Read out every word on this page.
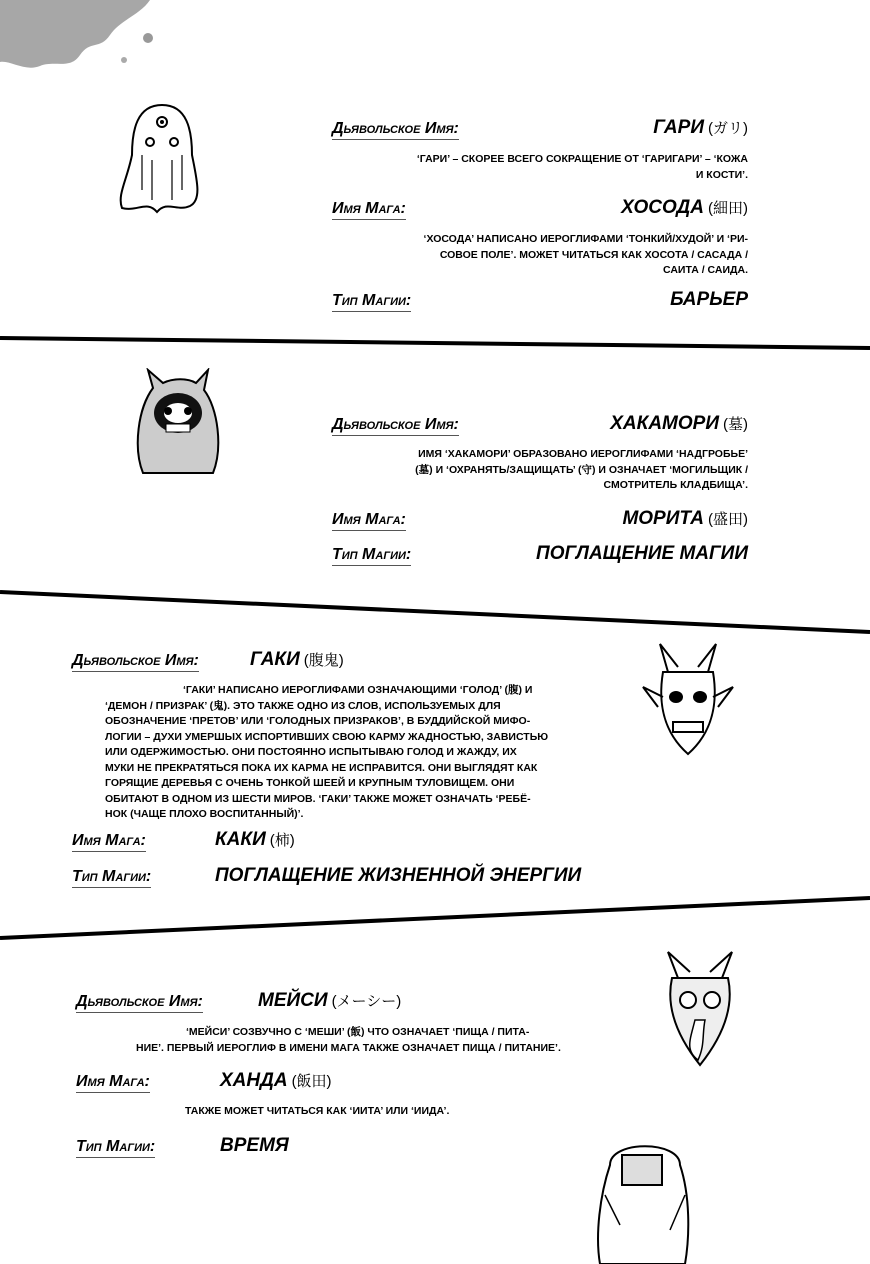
Дьявольское Имя:	ГАРИ (ガリ)
‘ГАРИ’ – СКОРЕЕ ВСЕГО СОКРАЩЕНИЕ ОТ ‘ГАРИГАРИ’ – ‘КОЖА
И КОСТИ’.
Имя Мага:	ХОСОДА (細田)
‘ХОСОДА’ НАПИСАНО ИЕРОГЛИФАМИ ‘ТОНКИЙ/ХУДОЙ’ И ‘РИ-
СОВОЕ ПОЛЕ’. МОЖЕТ ЧИТАТЬСЯ КАК ХОСОТА / САСАДА /
САИТА / САИДА.
Тип Магии:	БАРЬЕР
Дьявольское Имя:	ХАКАМОРИ (墓)
ИМЯ ‘ХАКАМОРИ’ ОБРАЗОВАНО ИЕРОГЛИФАМИ ‘НАДГРОБЬЕ’
(墓) И ‘ОХРАНЯТЬ/ЗАЩИЩАТЬ’ (守) И ОЗНАЧАЕТ ‘МОГИЛЬЩИК /
СМОТРИТЕЛЬ КЛАДБИЩА’.
Имя Мага:	МОРИТА (盛田)
Тип Магии:	ПОГЛАЩЕНИЕ МАГИИ
Дьявольское Имя:	ГАКИ (腹鬼)
‘ГАКИ’ НАПИСАНО ИЕРОГЛИФАМИ ОЗНАЧАЮЩИМИ ‘ГОЛОД’ (腹) И
‘ДЕМОН / ПРИЗРАК’ (鬼). ЭТО ТАКЖЕ ОДНО ИЗ СЛОВ, ИСПОЛЬЗУЕМЫХ ДЛЯ
ОБОЗНАЧЕНИЕ ‘ПРЕТОВ’ ИЛИ ‘ГОЛОДНЫХ ПРИЗРАКОВ’, В БУДДИЙСКОЙ МИФО-
ЛОГИИ – ДУХИ УМЕРШЫХ ИСПОРТИВШИХ СВОЮ КАРМУ ЖАДНОСТЬЮ, ЗАВИСТЬЮ
ИЛИ ОДЕРЖИМОСТЬЮ. ОНИ ПОСТОЯННО ИСПЫТЫВАЮ ГОЛОД И ЖАЖДУ, ИХ
МУКИ НЕ ПРЕКРАТЯТЬСЯ ПОКА ИХ КАРМА НЕ ИСПРАВИТСЯ. ОНИ ВЫГЛЯДЯТ КАК
ГОРЯЩИЕ ДЕРЕВЬЯ С ОЧЕНЬ ТОНКОЙ ШЕЕЙ И КРУПНЫМ ТУЛОВИЩЕМ. ОНИ
ОБИТАЮТ В ОДНОМ ИЗ ШЕСТИ МИРОВ. ‘ГАКИ’ ТАКЖЕ МОЖЕТ ОЗНАЧАТЬ ‘РЕБЁ-
НОК (ЧАЩЕ ПЛОХО ВОСПИТАННЫЙ)’.
Имя Мага:	КАКИ (柿)
Тип Магии:	ПОГЛАЩЕНИЕ ЖИЗНЕННОЙ ЭНЕРГИИ
Дьявольское Имя:	МЕЙСИ (メーシー)
‘МЕЙСИ’ СОЗВУЧНО С ‘МЕШИ’ (飯) ЧТО ОЗНАЧАЕТ ‘ПИЩА / ПИТА-
НИЕ’. ПЕРВЫЙ ИЕРОГЛИФ В ИМЕНИ МАГА ТАКЖЕ ОЗНАЧАЕТ ПИЩА / ПИТАНИЕ’.
Имя Мага:	ХАНДА (飯田)
ТАКЖЕ МОЖЕТ ЧИТАТЬСЯ КАК ‘ИИТА’ ИЛИ ‘ИИДА’.
Тип Магии:	ВРЕМЯ
